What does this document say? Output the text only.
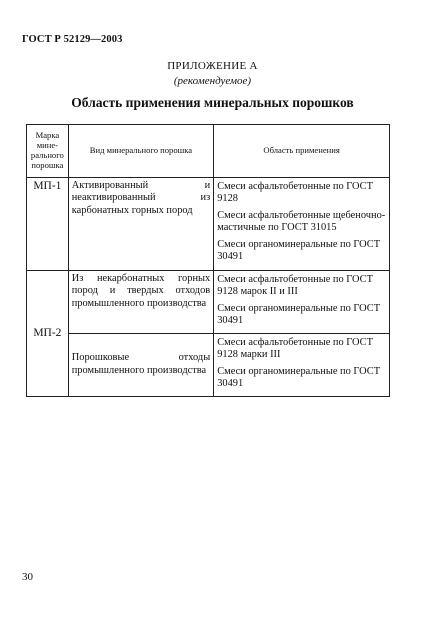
ГОСТ Р 52129—2003
ПРИЛОЖЕНИЕ А
(рекомендуемое)
Область применения минеральных порошков
Марка мине-рального порошка	Вид минерального порошка	Область применения
МП-1	Активированный и неактивированный из карбонатных горных пород	Смеси асфальтобетонные по ГОСТ 9128
Смеси асфальтобетонные щебеночно-мастичные по ГОСТ 31015
Смеси органоминеральные по ГОСТ 30491

МП-2	Из некарбонатных горных пород и твердых отходов промышленного производства	Смеси асфальтобетонные по ГОСТ 9128 марок II и III
Смеси органоминеральные по ГОСТ 30491

	Порошковые отходы промышленного производства	Смеси асфальтобетонные по ГОСТ 9128 марки III
Смеси органоминеральные по ГОСТ 30491
30
